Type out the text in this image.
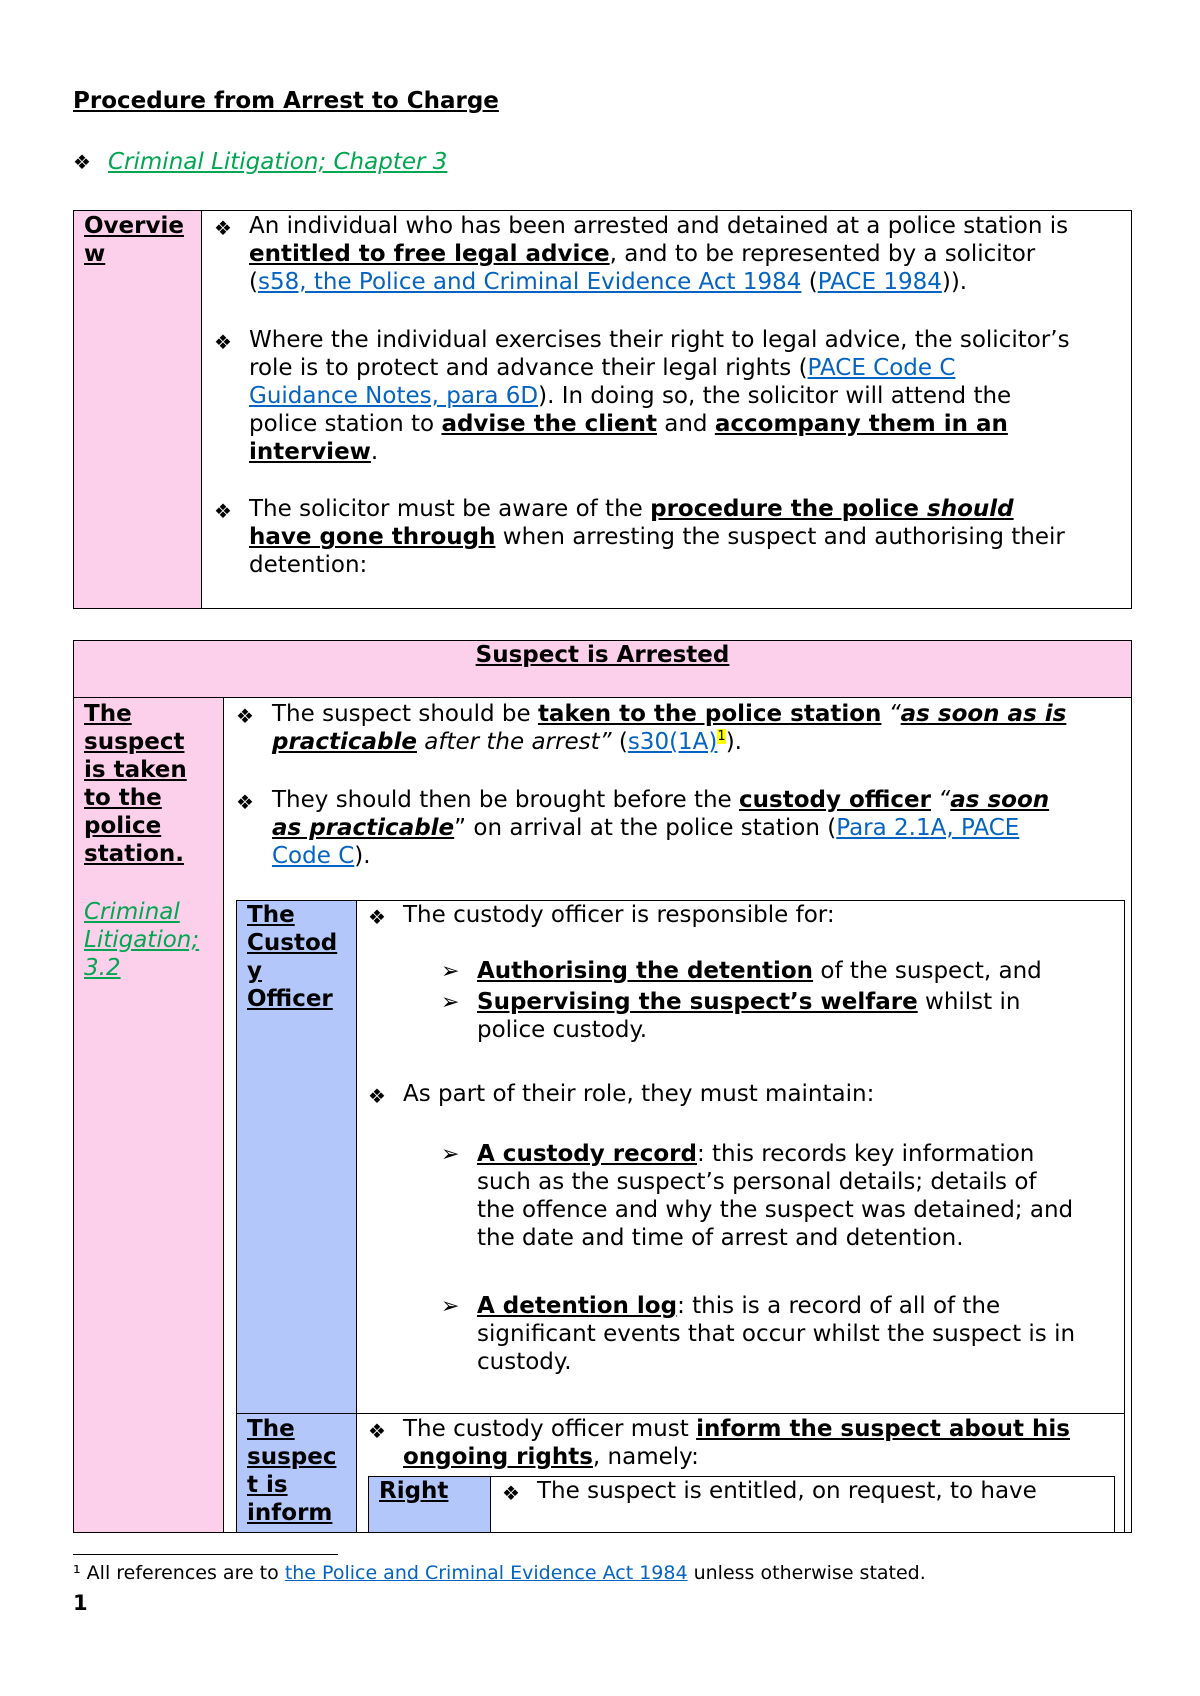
Procedure from Arrest to Charge
❖ Criminal Litigation; Chapter 3
Overvie
w
❖ An individual who has been arrested and detained at a police station is
entitled to free legal advice, and to be represented by a solicitor
(s58, the Police and Criminal Evidence Act 1984 (PACE 1984)).
❖ Where the individual exercises their right to legal advice, the solicitor’s
role is to protect and advance their legal rights (PACE Code C
Guidance Notes, para 6D). In doing so, the solicitor will attend the
police station to advise the client and accompany them in an
interview.
❖ The solicitor must be aware of the procedure the police should
have gone through when arresting the suspect and authorising their
detention:
Suspect is Arrested
The
suspect
is taken
to the
police
station.
Criminal
Litigation;
3.2
❖ The suspect should be taken to the police station “as soon as is
practicable after the arrest” $(s30(1A)^1)$.
❖ They should then be brought before the custody officer “as soon
as practicable” on arrival at the police station (Para 2.1A, PACE
Code C).
The
Custod
y
Officer
❖ The custody officer is responsible for:
➢ Authorising the detention of the suspect, and
➢ Supervising the suspect’s welfare whilst in
police custody.
❖ As part of their role, they must maintain:
➢ A custody record: this records key information
such as the suspect’s personal details; details of
the offence and why the suspect was detained; and
the date and time of arrest and detention.
➢ A detention log: this is a record of all of the
significant events that occur whilst the suspect is in
custody.
The
suspec
t is
inform
❖ The custody officer must inform the suspect about his
ongoing rights, namely:
Right	❖ The suspect is entitled, on request, to have
¹ All references are to the Police and Criminal Evidence Act 1984 unless otherwise stated.
1
